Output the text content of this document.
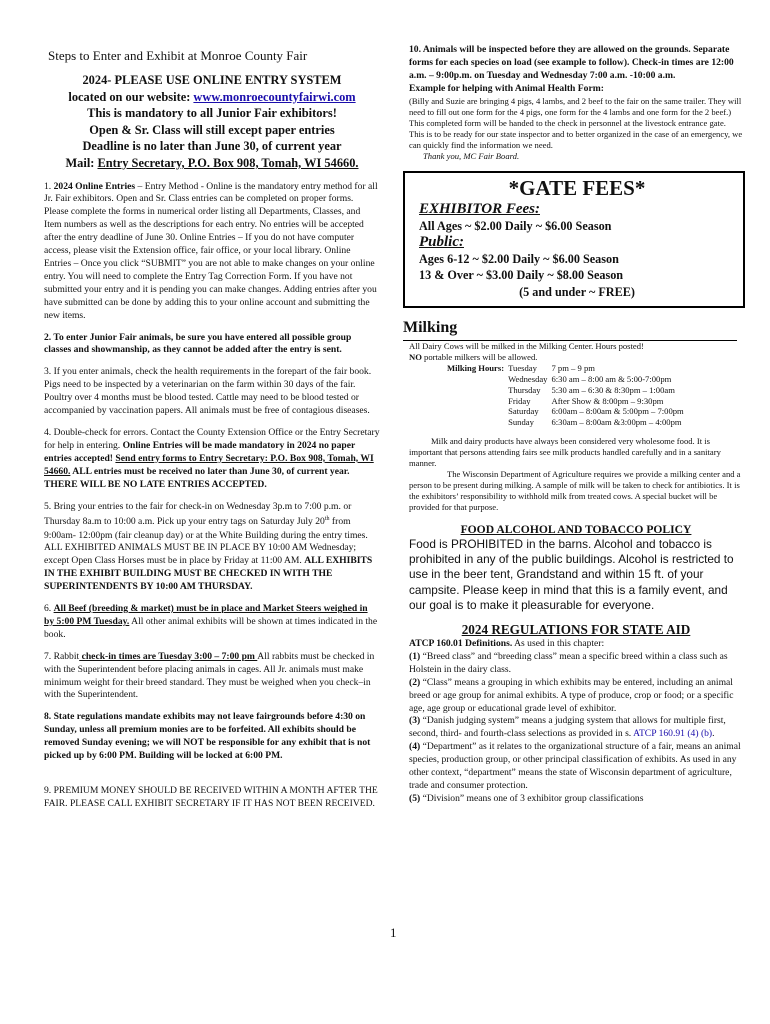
Steps to Enter and Exhibit at Monroe County Fair

2024- PLEASE USE ONLINE ENTRY SYSTEM

located on our website: www.monroecountyfairwi.com

This is mandatory to all Junior Fair exhibitors!

Open & Sr. Class will still except paper entries

Deadline is no later than June 30, of current year

Mail: Entry Secretary, P.O. Box 908, Tomah, WI 54660.

1. 2024 Online Entries – Entry Method - Online is the mandatory entry method for all Jr. Fair exhibitors. Open and Sr. Class entries can be completed on proper forms. Please complete the forms in numerical order listing all Departments, Classes, and Item numbers as well as the descriptions for each entry. No entries will be accepted after the entry deadline of June 30. Online Entries – If you do not have computer access, please visit the Extension office, fair office, or your local library. Online Entries – Once you click “SUBMIT” you are not able to make changes on your online entry. You will need to complete the Entry Tag Correction Form. If you have not submitted your entry and it is pending you can make changes. Adding entries after you have submitted can be done by adding this to your online account and submitting the new items.

2. To enter Junior Fair animals, be sure you have entered all possible group classes and showmanship, as they cannot be added after the entry is sent.

3. If you enter animals, check the health requirements in the forepart of the fair book. Pigs need to be inspected by a veterinarian on the farm within 30 days of the fair. Poultry over 4 months must be blood tested. Cattle may need to be blood tested or accompanied by vaccination papers. All animals must be free of contagious diseases.

4. Double-check for errors. Contact the County Extension Office or the Entry Secretary for help in entering. Online Entries will be made mandatory in 2024 no paper entries accepted! Send entry forms to Entry Secretary: P.O. Box 908, Tomah, WI 54660. ALL entries must be received no later than June 30, of current year. THERE WILL BE NO LATE ENTRIES ACCEPTED.

5. Bring your entries to the fair for check-in on Wednesday 3p.m to 7:00 p.m. or Thursday 8a.m to 10:00 a.m. Pick up your entry tags on Saturday July 20th from 9:00am- 12:00pm (fair cleanup day) or at the White Building during the entry times. ALL EXHIBITED ANIMALS MUST BE IN PLACE BY 10:00 AM Wednesday; except Open Class Horses must be in place by Friday at 11:00 AM. ALL EXHIBITS IN THE EXHIBIT BUILDING MUST BE CHECKED IN WITH THE SUPERINTENDENTS BY 10:00 AM THURSDAY.

6. All Beef (breeding & market) must be in place and Market Steers weighed in by 5:00 PM Tuesday. All other animal exhibits will be shown at times indicated in the book.

7. Rabbit check-in times are Tuesday 3:00 – 7:00 pm All rabbits must be checked in with the Superintendent before placing animals in cages. All Jr. animals must make minimum weight for their breed standard. They must be weighed when you check–in with the Superintendent.

8. State regulations mandate exhibits may not leave fairgrounds before 4:30 on Sunday, unless all premium monies are to be forfeited. All exhibits should be removed Sunday evening; we will NOT be responsible for any exhibit that is not picked up by 6:00 PM. Building will be locked at 6:00 PM.

9. PREMIUM MONEY SHOULD BE RECEIVED WITHIN A MONTH AFTER THE FAIR. PLEASE CALL EXHIBIT SECRETARY IF IT HAS NOT BEEN RECEIVED.

10. Animals will be inspected before they are allowed on the grounds. Separate forms for each species on load (see example to follow). Check-in times are 12:00 a.m. – 9:00p.m. on Tuesday and Wednesday 7:00 a.m. -10:00 a.m.

Example for helping with Animal Health Form:

(Billy and Suzie are bringing 4 pigs, 4 lambs, and 2 beef to the fair on the same trailer. They will need to fill out one form for the 4 pigs, one form for the 4 lambs and one form for the 2 beef.)

This completed form will be handed to the check in personnel at the livestock entrance gate. This is to be ready for our state inspector and to better organized in the case of an emergency, we can quickly find the information we need.

Thank you, MC Fair Board.

*GATE FEES*

EXHIBITOR Fees:

All Ages ~ $2.00 Daily ~ $6.00 Season

Public:

Ages 6-12 ~ $2.00 Daily ~ $6.00 Season

13 & Over ~ $3.00 Daily ~ $8.00 Season

(5 and under ~ FREE)

Milking

All Dairy Cows will be milked in the Milking Center. Hours posted!

NO portable milkers will be allowed.

Milking Hours:	Tuesday	7 pm – 9 pm
	Wednesday	6:30 am – 8:00 am & 5:00-7:00pm
	Thursday	5:30 am – 6:30 & 8:30pm – 1:00am
	Friday	After Show & 8:00pm – 9:30pm
	Saturday	6:00am – 8:00am & 5:00pm – 7:00pm
	Sunday	6:30am – 8:00am &3:00pm – 4:00pm

Milk and dairy products have always been considered very wholesome food. It is important that persons attending fairs see milk products handled carefully and in a sanitary manner.

The Wisconsin Department of Agriculture requires we provide a milking center and a person to be present during milking. A sample of milk will be taken to check for antibiotics. It is the exhibitors’ responsibility to withhold milk from treated cows. A special bucket will be provided for that purpose.

FOOD ALCOHOL AND TOBACCO POLICY

Food is PROHIBITED in the barns. Alcohol and tobacco is prohibited in any of the public buildings. Alcohol is restricted to use in the beer tent, Grandstand and within 15 ft. of your campsite. Please keep in mind that this is a family event, and our goal is to make it pleasurable for everyone.

2024 REGULATIONS FOR STATE AID

ATCP 160.01 Definitions. As used in this chapter:

(1) “Breed class” and “breeding class” mean a specific breed within a class such as Holstein in the dairy class.

(2) “Class” means a grouping in which exhibits may be entered, including an animal breed or age group for animal exhibits. A type of produce, crop or food; or a specific age, age group or educational grade level of exhibitor.

(3) “Danish judging system” means a judging system that allows for multiple first, second, third- and fourth-class selections as provided in s. ATCP 160.91 (4) (b).

(4) “Department” as it relates to the organizational structure of a fair, means an animal species, production group, or other principal classification of exhibits. As used in any other context, “department” means the state of Wisconsin department of agriculture, trade and consumer protection.

(5) “Division” means one of 3 exhibitor group classifications

1
